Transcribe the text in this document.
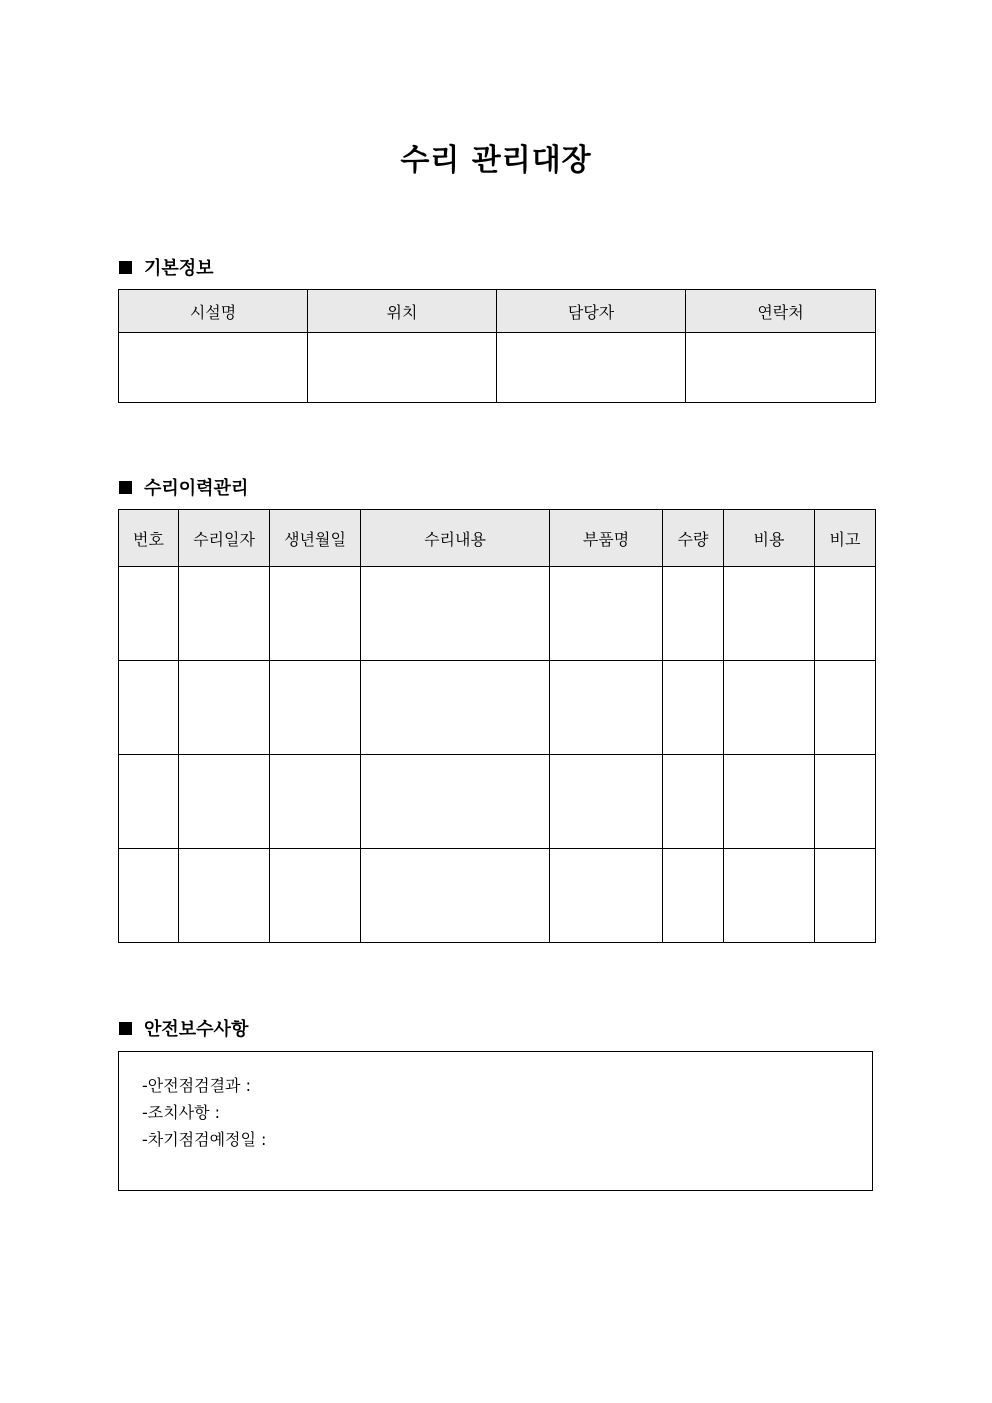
수리 관리대장
기본정보
시설명	위치	담당자	연락처

수리이력관리
번호	수리일자	생년월일	수리내용	부품명	수량	비용	비고

안전보수사항
-안전점검결과 :
-조치사항 :
-차기점검예정일 :
